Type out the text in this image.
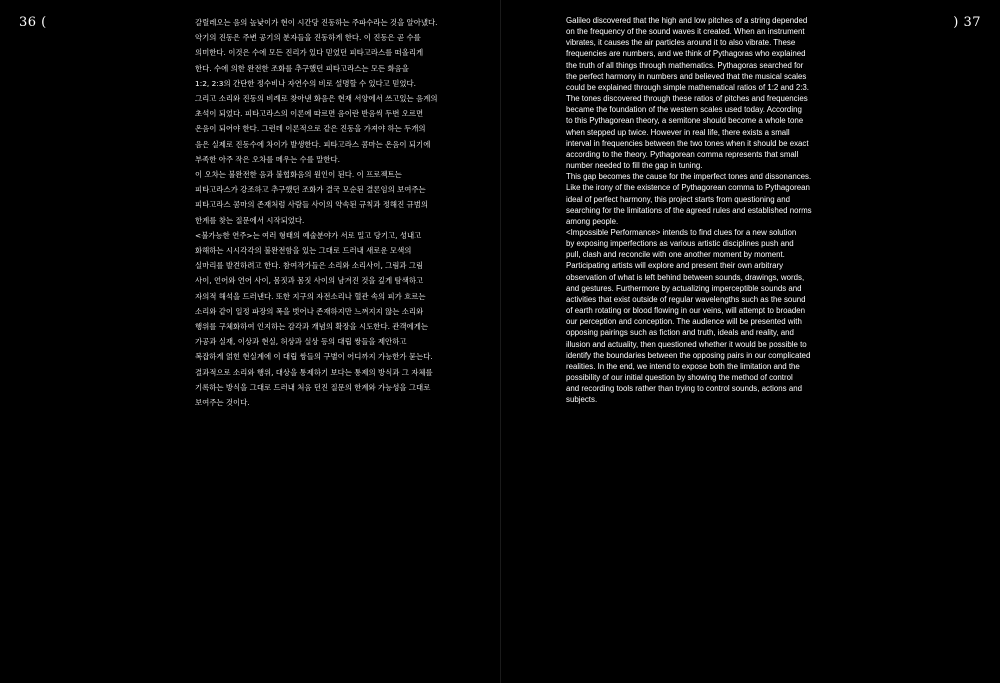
36 (	) 37
갈릴레오는 음의 높낮이가 현이 시간당 진동하는 주파수라는 것을 알아냈다.
악기의 진동은 주변 공기의 분자들을 진동하게 한다. 이 진동은 곧 수를
의미한다. 이것은 수에 모든 진리가 있다 믿었던 피타고라스를 떠올리게
한다. 수에 의한 완전한 조화를 추구했던 피타고라스는 모든 화음을
1:2, 2:3의 간단한 정수비나 자연수의 비로 설명할 수 있다고 믿었다.
그리고 소리와 진동의 비례로 찾아낸 화음은 현재 서양에서 쓰고있는 음계의
초석이 되었다. 피타고라스의 이론에 따르면 음이란 반음씩 두번 오르면
온음이 되어야 한다. 그런데 이론적으로 같은 진동을 가져야 하는 두개의
음은 실제로 진동수에 차이가 발생한다. 피타고라스 콤마는 온음이 되기에
부족한 아주 작은 오차를 메우는 수를 말한다.
이 오차는 불완전한 음과 불협화음의 원인이 된다. 이 프로젝트는
피타고라스가 강조하고 추구했던 조화가 결국 모순된 결론임의 보여주는
피타고라스 콤마의 존재처럼 사람들 사이의 약속된 규칙과 정해진 규범의
한계를 찾는 질문에서 시작되었다.
<불가능한 연주>는 여러 형태의 예술분야가 서로 밀고 당기고, 성내고
화해하는 시시각각의 불완전함을 있는 그대로 드러내 새로운 모색의
실마리를 발견하려고 한다. 참여작가들은 소리와 소리사이, 그림과 그림
사이, 언어와 언어 사이, 몸짓과 몸짓 사이의 남겨진 것을 깊게 탐색하고
자의적 해석을 드러낸다. 또한 지구의 자전소리나 혈관 속의 피가 흐르는
소리와 같이 일정 파장의 폭을 벗어나 존재하지만 느껴지지 않는 소리와
행위를 구체화하여 인지하는 감각과 개념의 확장을 시도한다. 관객에게는
가공과 실재, 이상과 현실, 허상과 실상 등의 대립 쌍들을 제안하고
복잡하게 얽힌 현실계에 이 대립 쌍들의 구별이 어디까지 가능한가 묻는다.
결과적으로 소리와 행위, 대상을 통제하기 보다는 통제의 방식과 그 자체를
기록하는 방식을 그대로 드러내 처음 던진 질문의 한계와 가능성을 그대로
보여주는 것이다.
Galileo discovered that the high and low pitches of a string depended
on the frequency of the sound waves it created. When an instrument
vibrates, it causes the air particles around it to also vibrate. These
frequencies are numbers, and we think of Pythagoras who explained
the truth of all things through mathematics. Pythagoras searched for
the perfect harmony in numbers and believed that the musical scales
could be explained through simple mathematical ratios of 1:2 and 2:3.
The tones discovered through these ratios of pitches and frequencies
became the foundation of the western scales used today. According
to this Pythagorean theory, a semitone should become a whole tone
when stepped up twice. However in real life, there exists a small
interval in frequencies between the two tones when it should be exact
according to the theory. Pythagorean comma represents that small
number needed to fill the gap in tuning.
This gap becomes the cause for the imperfect tones and dissonances.
Like the irony of the existence of Pythagorean comma to Pythagorean
ideal of perfect harmony, this project starts from questioning and
searching for the limitations of the agreed rules and established norms
among people.
<Impossible Performance> intends to find clues for a new solution
by exposing imperfections as various artistic disciplines push and
pull, clash and reconcile with one another moment by moment.
Participating artists will explore and present their own arbitrary
observation of what is left behind between sounds, drawings, words,
and gestures. Furthermore by actualizing imperceptible sounds and
activities that exist outside of regular wavelengths such as the sound
of earth rotating or blood flowing in our veins, will attempt to broaden
our perception and conception. The audience will be presented with
opposing pairings such as fiction and truth, ideals and reality, and
illusion and actuality, then questioned whether it would be possible to
identify the boundaries between the opposing pairs in our complicated
realities. In the end, we intend to expose both the limitation and the
possibility of our initial question by showing the method of control
and recording tools rather than trying to control sounds, actions and
subjects.
